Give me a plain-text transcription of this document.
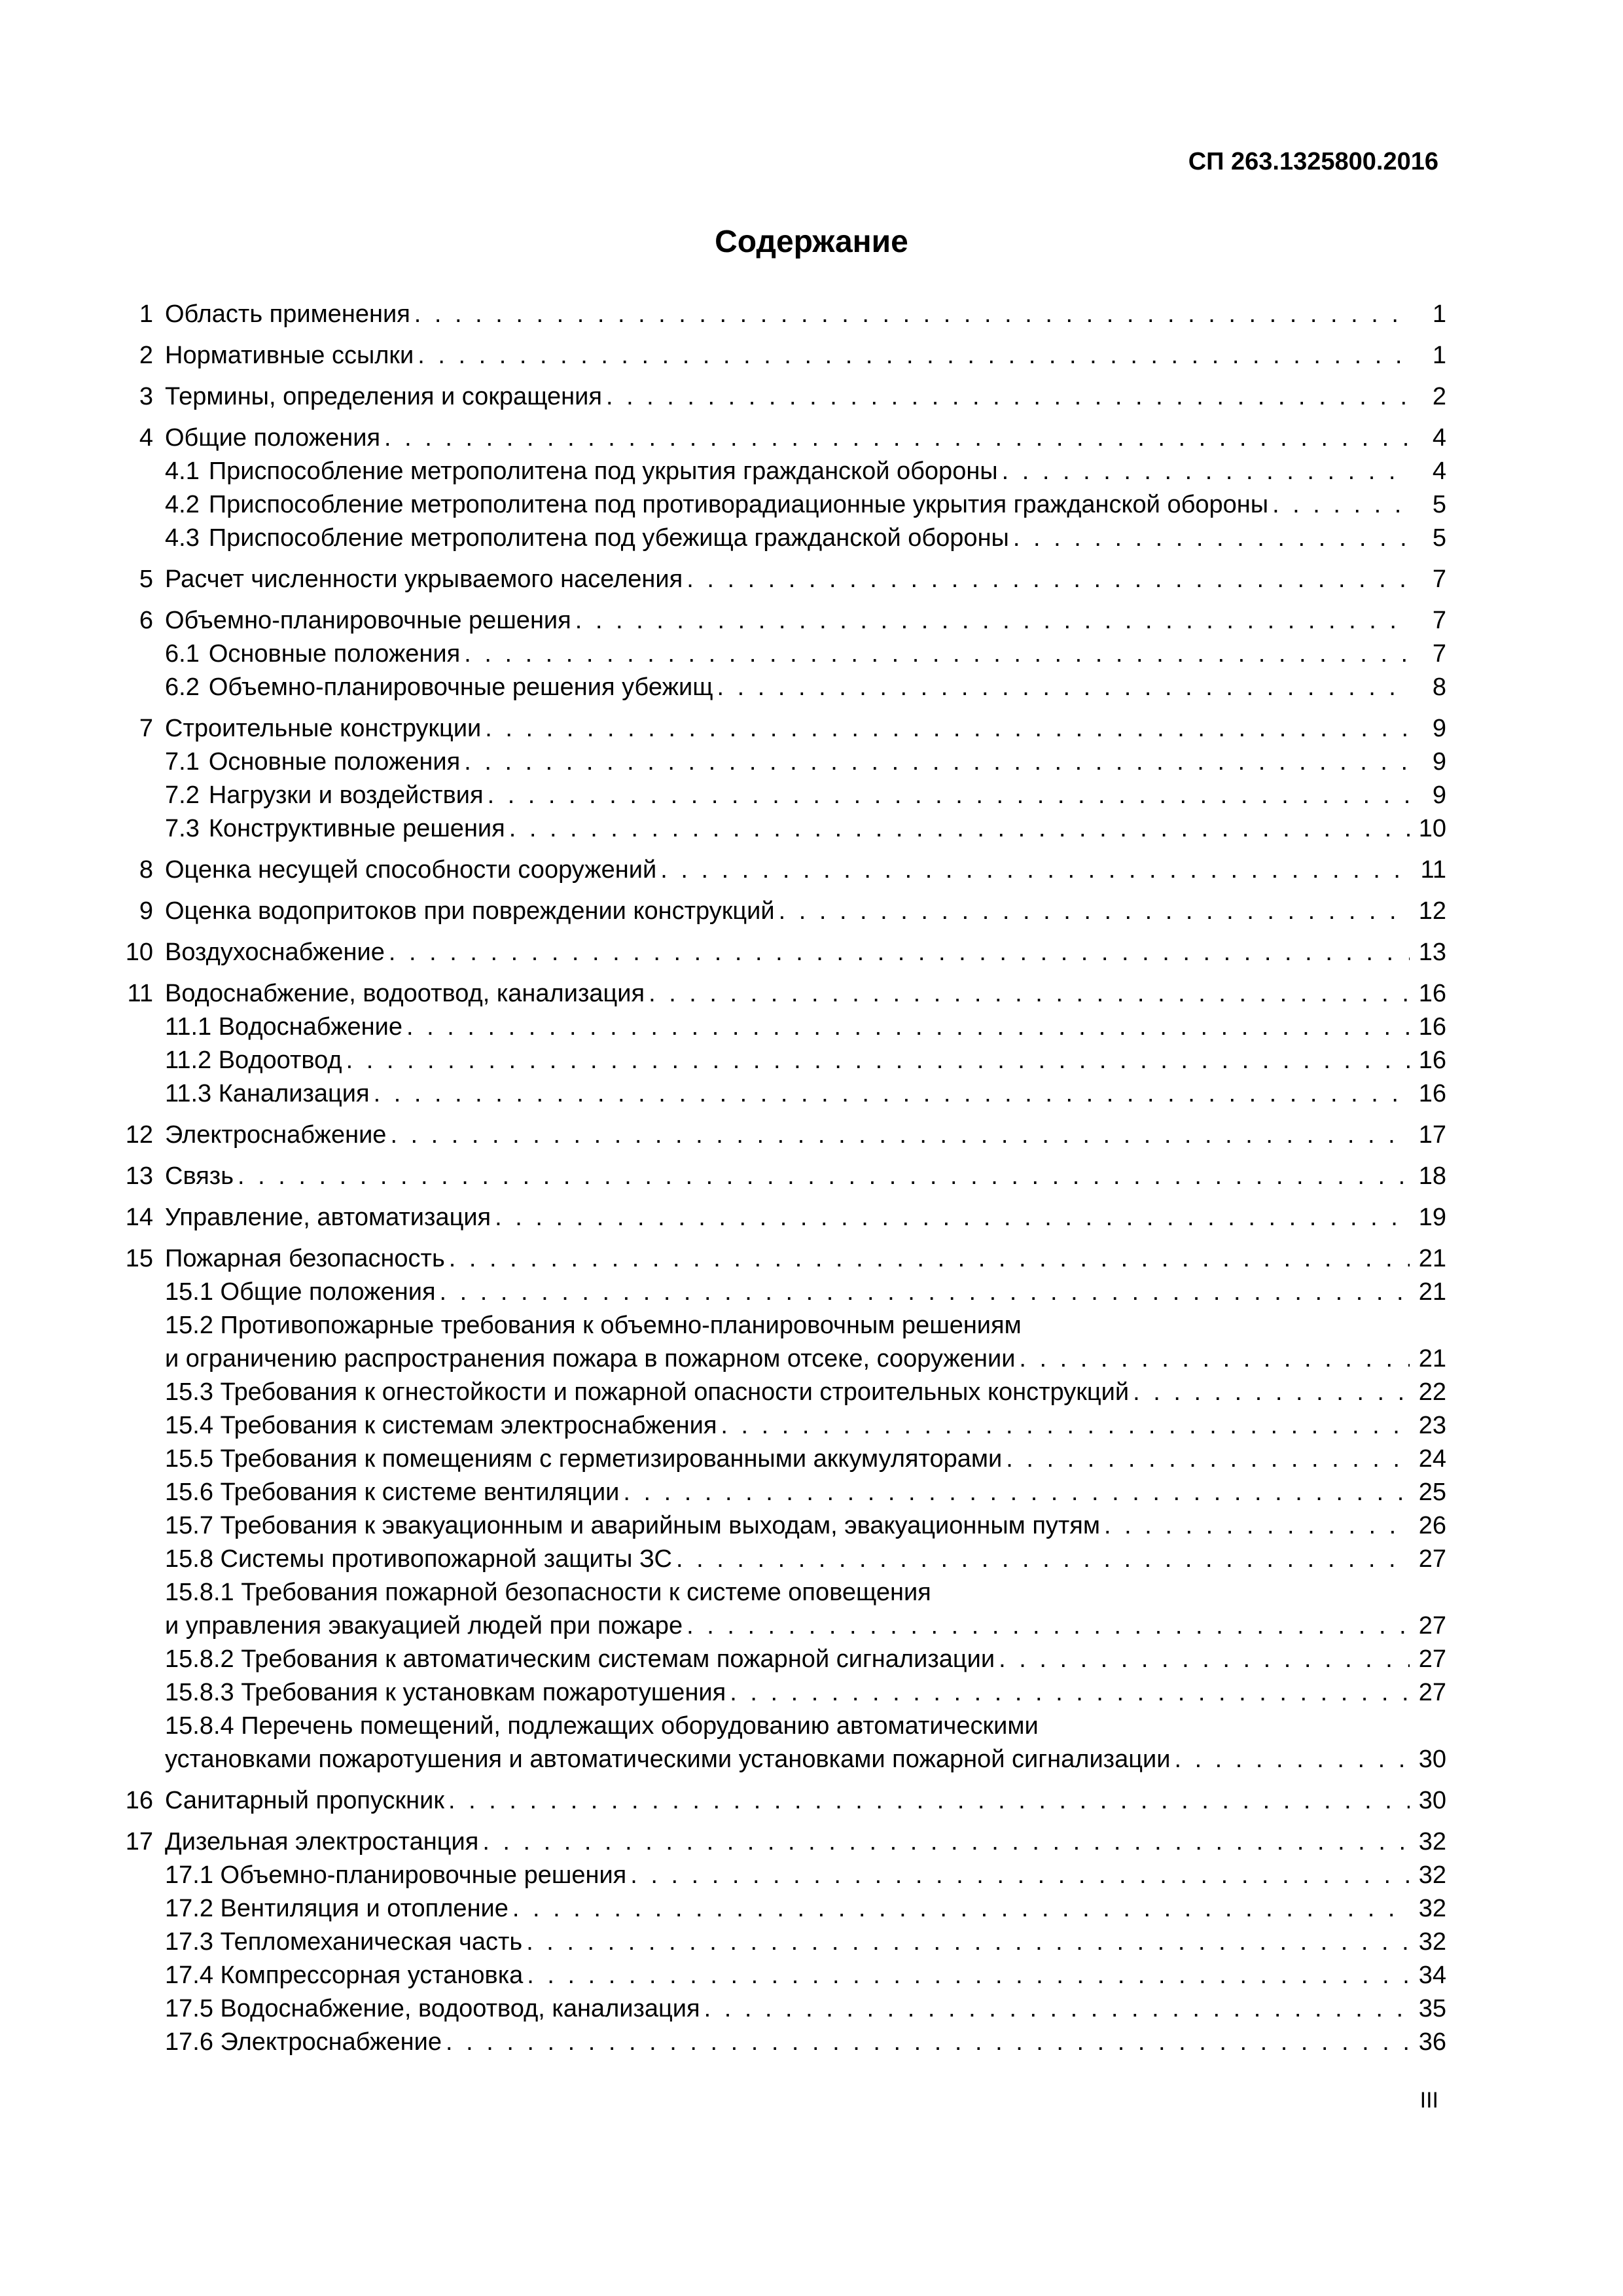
СП 263.1325800.2016
Содержание
1 Область применения . . .	1
2 Нормативные ссылки . . .	1
3 Термины, определения и сокращения . . .	2
4 Общие положения . . .	4
4.1 Приспособление метрополитена под укрытия гражданской обороны . . .	4
4.2 Приспособление метрополитена под противорадиационные укрытия гражданской обороны . . .	5
4.3 Приспособление метрополитена под убежища гражданской обороны . . .	5
5 Расчет численности укрываемого населения . . .	7
6 Объемно-планировочные решения . . .	7
6.1 Основные положения . . .	7
6.2 Объемно-планировочные решения убежищ . . .	8
7 Строительные конструкции . . .	9
7.1 Основные положения . . .	9
7.2 Нагрузки и воздействия . . .	9
7.3 Конструктивные решения . . .	10
8 Оценка несущей способности сооружений . . .	11
9 Оценка водопритоков при повреждении конструкций . . .	12
10 Воздухоснабжение . . .	13
11 Водоснабжение, водоотвод, канализация . . .	16
11.1 Водоснабжение . . .	16
11.2 Водоотвод . . .	16
11.3 Канализация . . .	16
12 Электроснабжение . . .	17
13 Связь . . .	18
14 Управление, автоматизация . . .	19
15 Пожарная безопасность . . .	21
15.1 Общие положения . . .	21
15.2 Противопожарные требования к объемно-планировочным решениям
и ограничению распространения пожара в пожарном отсеке, сооружении . . .	21
15.3 Требования к огнестойкости и пожарной опасности строительных конструкций . . .	22
15.4 Требования к системам электроснабжения . . .	23
15.5 Требования к помещениям с герметизированными аккумуляторами . . .	24
15.6 Требования к системе вентиляции . . .	25
15.7 Требования к эвакуационным и аварийным выходам, эвакуационным путям . . .	26
15.8 Системы противопожарной защиты ЗС . . .	27
15.8.1 Требования пожарной безопасности к системе оповещения
и управления эвакуацией людей при пожаре . . .	27
15.8.2 Требования к автоматическим системам пожарной сигнализации . . .	27
15.8.3 Требования к установкам пожаротушения . . .	27
15.8.4 Перечень помещений, подлежащих оборудованию автоматическими
установками пожаротушения и автоматическими установками пожарной сигнализации . . .	30
16 Санитарный пропускник . . .	30
17 Дизельная электростанция . . .	32
17.1 Объемно-планировочные решения . . .	32
17.2 Вентиляция и отопление . . .	32
17.3 Тепломеханическая часть . . .	32
17.4 Компрессорная установка . . .	34
17.5 Водоснабжение, водоотвод, канализация . . .	35
17.6 Электроснабжение . . .	36
III
